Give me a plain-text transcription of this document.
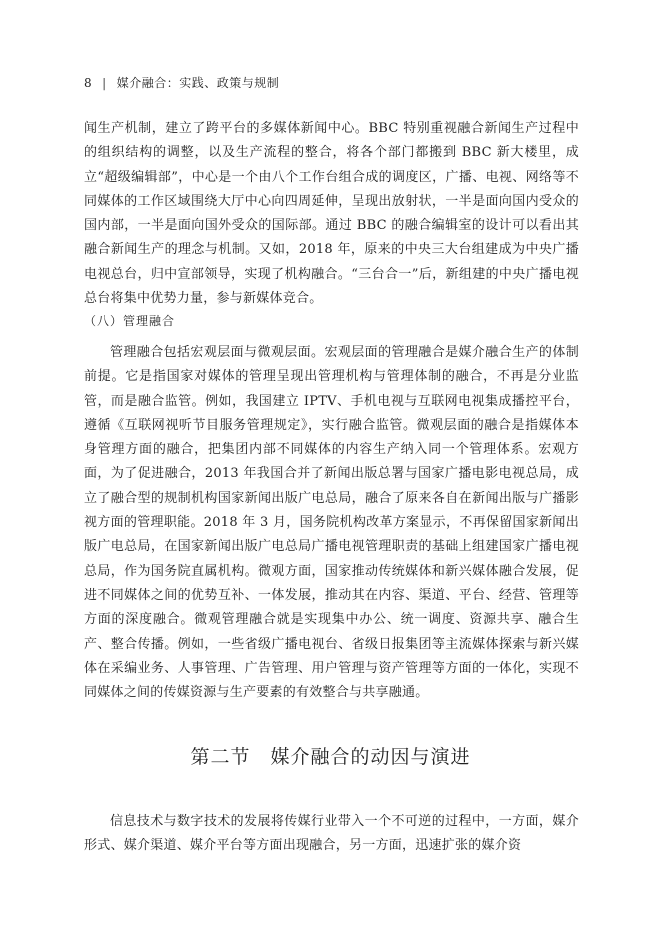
8 | 媒介融合：实践、政策与规制

闻生产机制，建立了跨平台的多媒体新闻中心。BBC 特别重视融合新闻生产过程中的组织结构的调整，以及生产流程的整合，将各个部门都搬到 BBC 新大楼里，成立“超级编辑部”，中心是一个由八个工作台组合成的调度区，广播、电视、网络等不同媒体的工作区域围绕大厅中心向四周延伸，呈现出放射状，一半是面向国内受众的国内部，一半是面向国外受众的国际部。通过 BBC 的融合编辑室的设计可以看出其融合新闻生产的理念与机制。又如，2018 年，原来的中央三大台组建成为中央广播电视总台，归中宣部领导，实现了机构融合。“三台合一”后，新组建的中央广播电视总台将集中优势力量，参与新媒体竞合。

（八）管理融合

管理融合包括宏观层面与微观层面。宏观层面的管理融合是媒介融合生产的体制前提。它是指国家对媒体的管理呈现出管理机构与管理体制的融合，不再是分业监管，而是融合监管。例如，我国建立 IPTV、手机电视与互联网电视集成播控平台，遵循《互联网视听节目服务管理规定》，实行融合监管。微观层面的融合是指媒体本身管理方面的融合，把集团内部不同媒体的内容生产纳入同一个管理体系。宏观方面，为了促进融合，2013 年我国合并了新闻出版总署与国家广播电影电视总局，成立了融合型的规制机构国家新闻出版广电总局，融合了原来各自在新闻出版与广播影视方面的管理职能。2018 年 3 月，国务院机构改革方案显示，不再保留国家新闻出版广电总局，在国家新闻出版广电总局广播电视管理职责的基础上组建国家广播电视总局，作为国务院直属机构。微观方面，国家推动传统媒体和新兴媒体融合发展，促进不同媒体之间的优势互补、一体发展，推动其在内容、渠道、平台、经营、管理等方面的深度融合。微观管理融合就是实现集中办公、统一调度、资源共享、融合生产、整合传播。例如，一些省级广播电视台、省级日报集团等主流媒体探索与新兴媒体在采编业务、人事管理、广告管理、用户管理与资产管理等方面的一体化，实现不同媒体之间的传媒资源与生产要素的有效整合与共享融通。

第二节　媒介融合的动因与演进

信息技术与数字技术的发展将传媒行业带入一个不可逆的过程中，一方面，媒介形式、媒介渠道、媒介平台等方面出现融合，另一方面，迅速扩张的媒介资
